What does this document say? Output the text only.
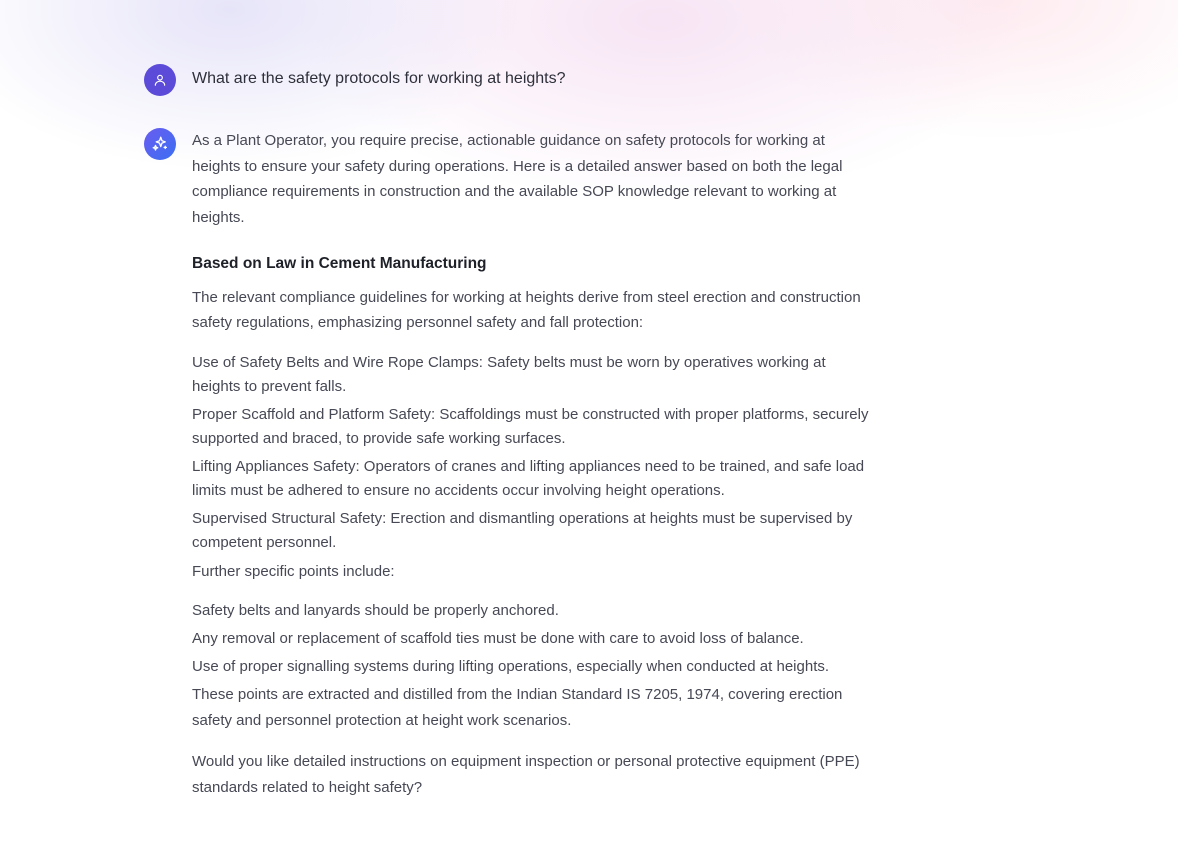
What are the safety protocols for working at heights?

As a Plant Operator, you require precise, actionable guidance on safety protocols for working at heights to ensure your safety during operations. Here is a detailed answer based on both the legal compliance requirements in construction and the available SOP knowledge relevant to working at heights.

Based on Law in Cement Manufacturing

The relevant compliance guidelines for working at heights derive from steel erection and construction safety regulations, emphasizing personnel safety and fall protection:

Use of Safety Belts and Wire Rope Clamps: Safety belts must be worn by operatives working at heights to prevent falls.
Proper Scaffold and Platform Safety: Scaffoldings must be constructed with proper platforms, securely supported and braced, to provide safe working surfaces.
Lifting Appliances Safety: Operators of cranes and lifting appliances need to be trained, and safe load limits must be adhered to ensure no accidents occur involving height operations.
Supervised Structural Safety: Erection and dismantling operations at heights must be supervised by competent personnel.

Further specific points include:

Safety belts and lanyards should be properly anchored.
Any removal or replacement of scaffold ties must be done with care to avoid loss of balance.
Use of proper signalling systems during lifting operations, especially when conducted at heights.

These points are extracted and distilled from the Indian Standard IS 7205, 1974, covering erection safety and personnel protection at height work scenarios.

Would you like detailed instructions on equipment inspection or personal protective equipment (PPE) standards related to height safety?
